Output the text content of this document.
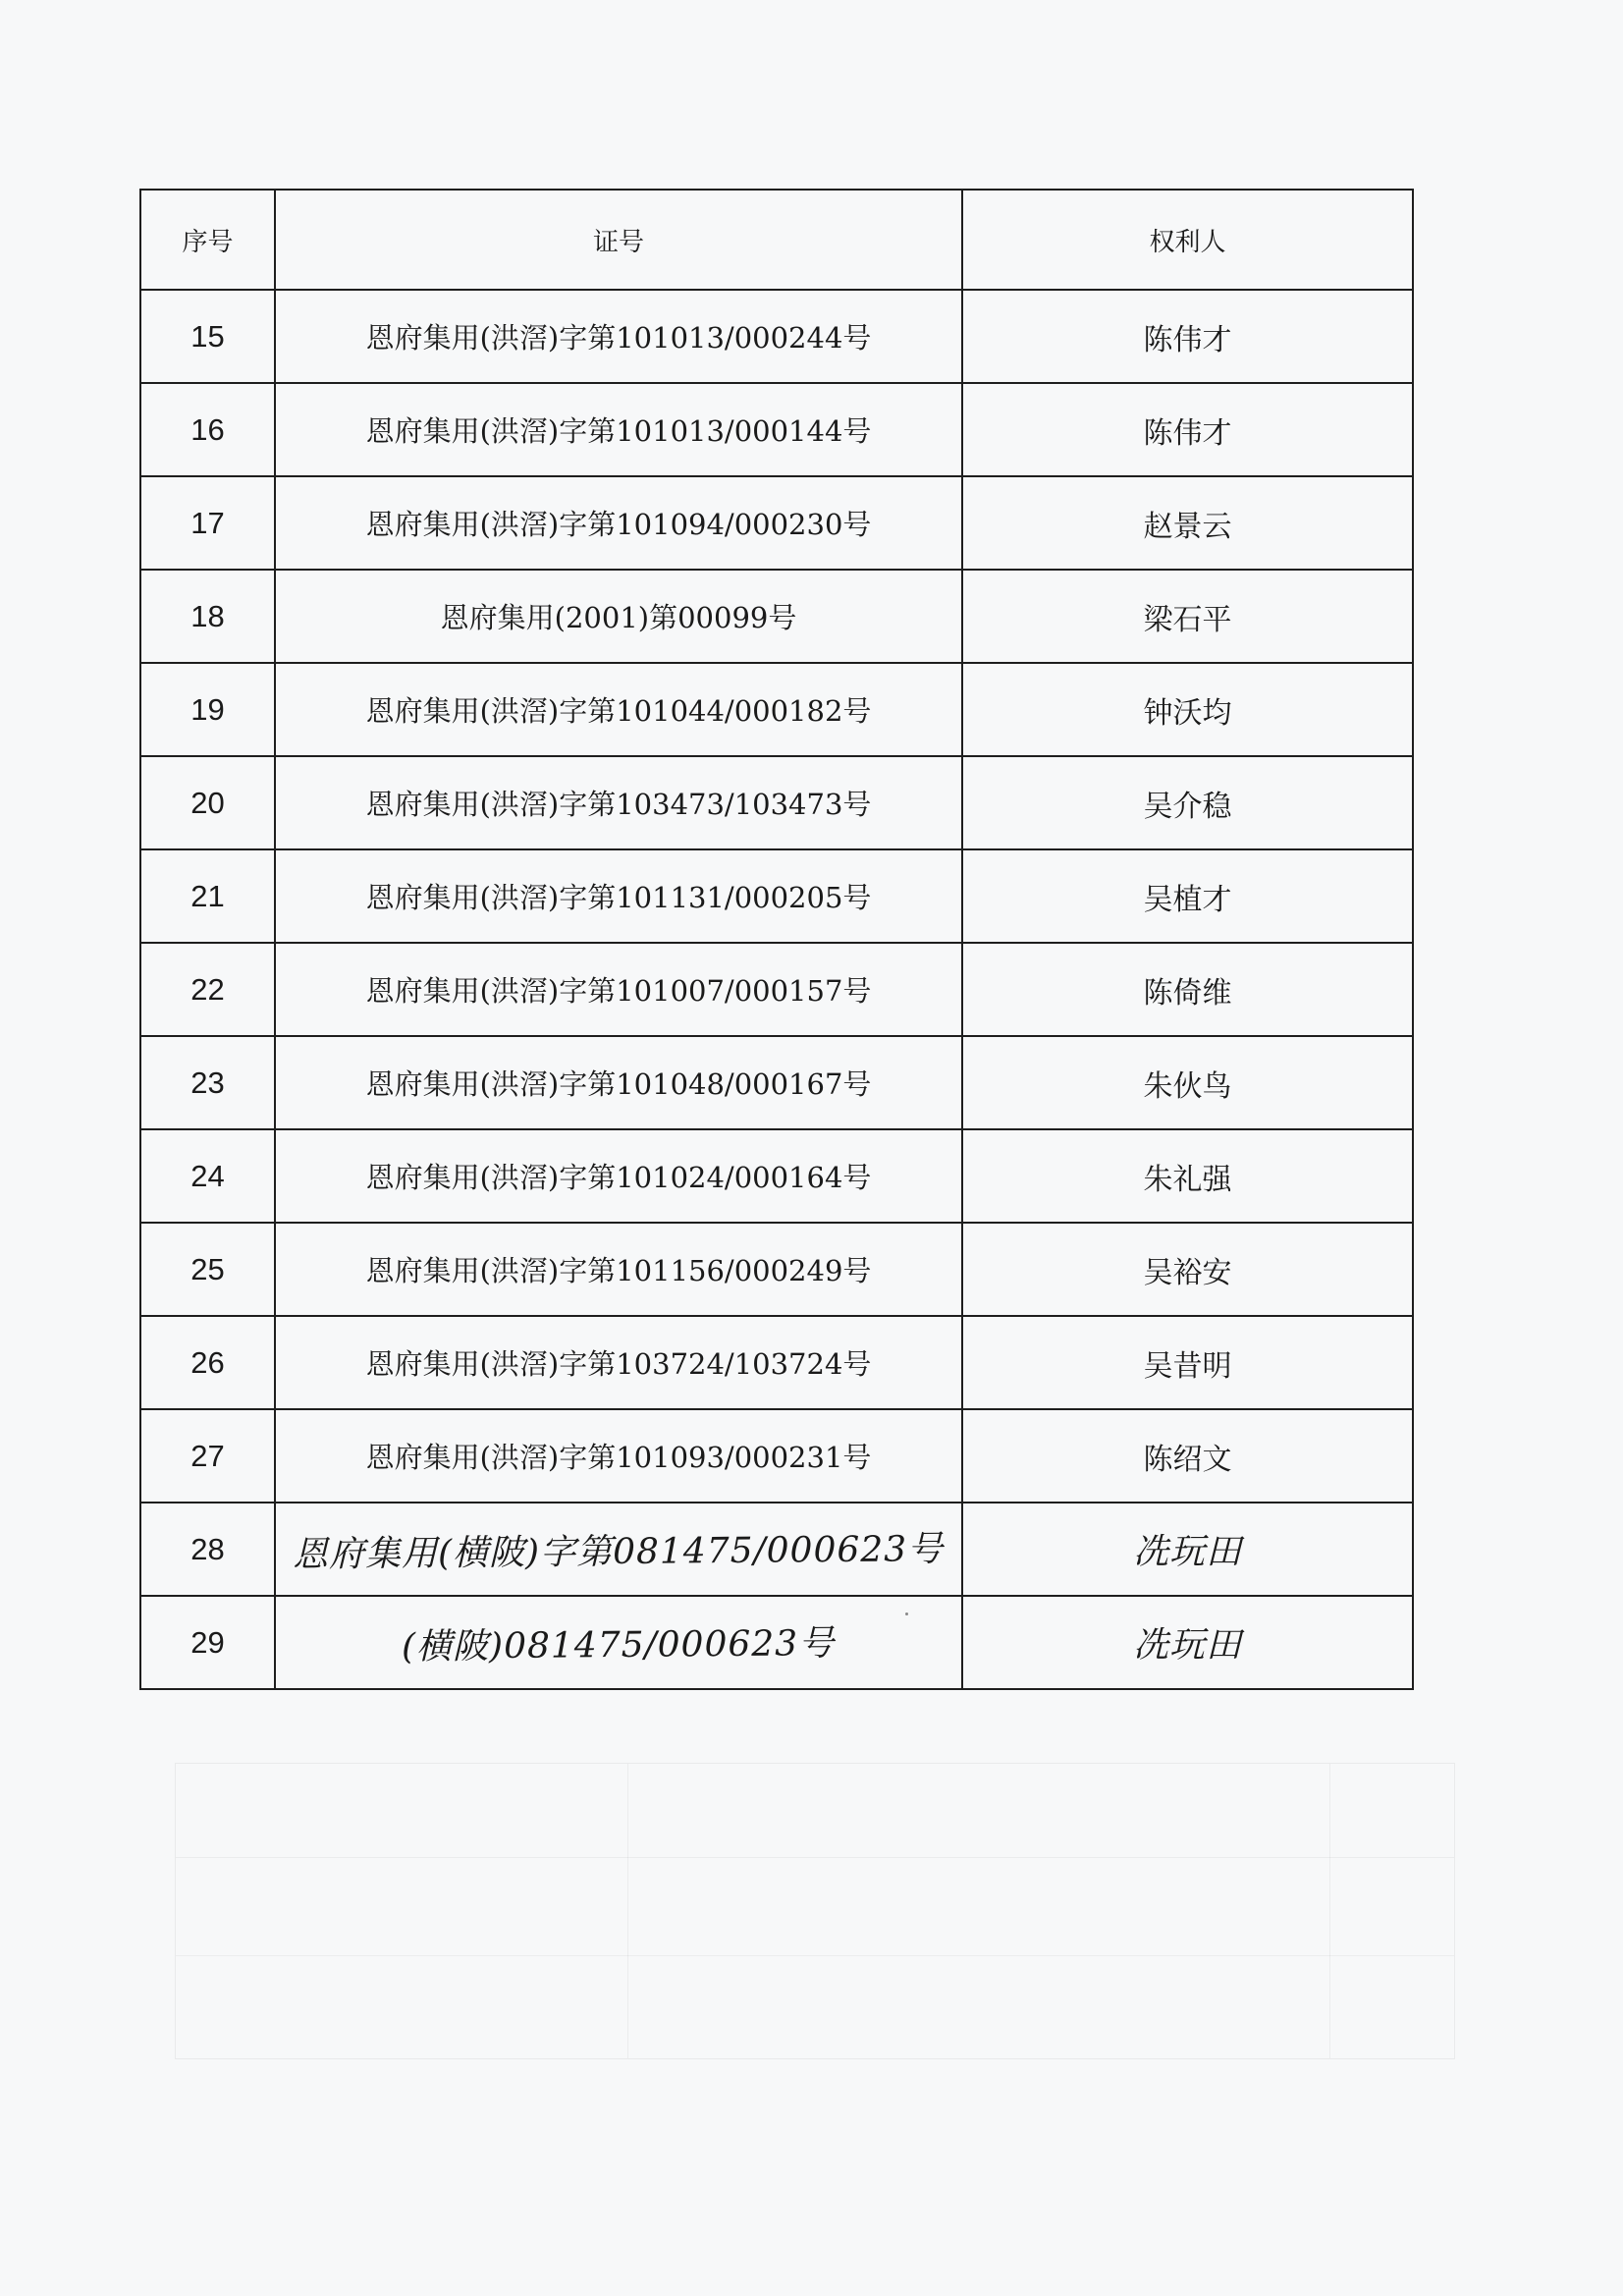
序号	证号	权利人
15	恩府集用(洪滘)字第101013/000244号	陈伟才
16	恩府集用(洪滘)字第101013/000144号	陈伟才
17	恩府集用(洪滘)字第101094/000230号	赵景云
18	恩府集用(2001)第00099号	梁石平
19	恩府集用(洪滘)字第101044/000182号	钟沃均
20	恩府集用(洪滘)字第103473/103473号	吴介稳
21	恩府集用(洪滘)字第101131/000205号	吴植才
22	恩府集用(洪滘)字第101007/000157号	陈倚维
23	恩府集用(洪滘)字第101048/000167号	朱伙鸟
24	恩府集用(洪滘)字第101024/000164号	朱礼强
25	恩府集用(洪滘)字第101156/000249号	吴裕安
26	恩府集用(洪滘)字第103724/103724号	吴昔明
27	恩府集用(洪滘)字第101093/000231号	陈绍文
28	恩府集用(横陂)字第081475/000623号	冼玩田
29	(横陂)081475/000623号	冼玩田
